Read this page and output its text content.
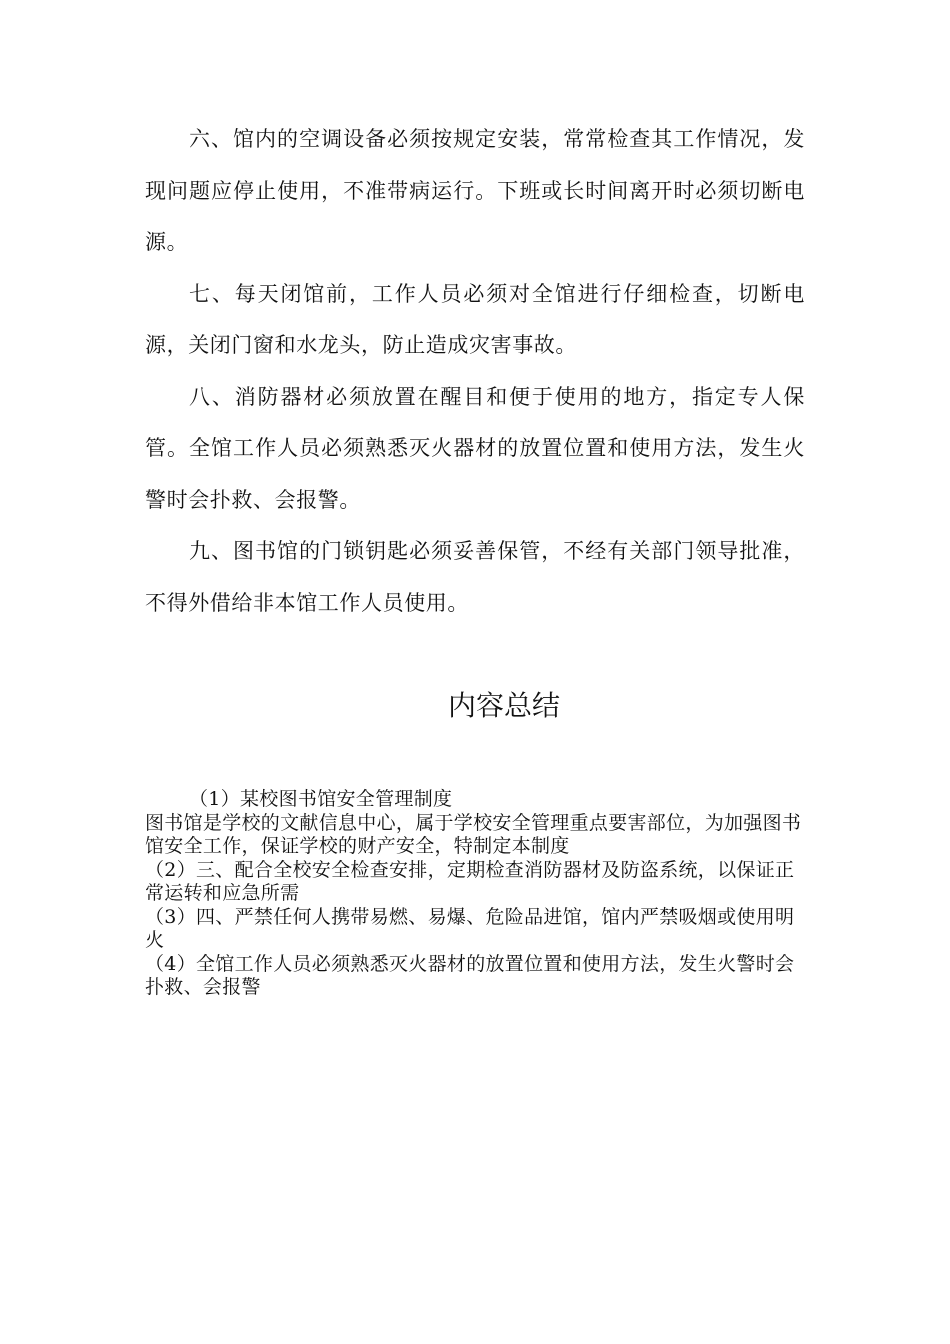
六、馆内的空调设备必须按规定安装，常常检查其工作情况，发现问题应停止使用，不准带病运行。下班或长时间离开时必须切断电源。

七、每天闭馆前，工作人员必须对全馆进行仔细检查，切断电源，关闭门窗和水龙头，防止造成灾害事故。

八、消防器材必须放置在醒目和便于使用的地方，指定专人保管。全馆工作人员必须熟悉灭火器材的放置位置和使用方法，发生火警时会扑救、会报警。

九、图书馆的门锁钥匙必须妥善保管，不经有关部门领导批准，不得外借给非本馆工作人员使用。

内容总结

（1）某校图书馆安全管理制度

图书馆是学校的文献信息中心，属于学校安全管理重点要害部位，为加强图书馆安全工作，保证学校的财产安全，特制定本制度

（2）三、配合全校安全检查安排，定期检查消防器材及防盗系统，以保证正常运转和应急所需

（3）四、严禁任何人携带易燃、易爆、危险品进馆，馆内严禁吸烟或使用明火

（4）全馆工作人员必须熟悉灭火器材的放置位置和使用方法，发生火警时会扑救、会报警
